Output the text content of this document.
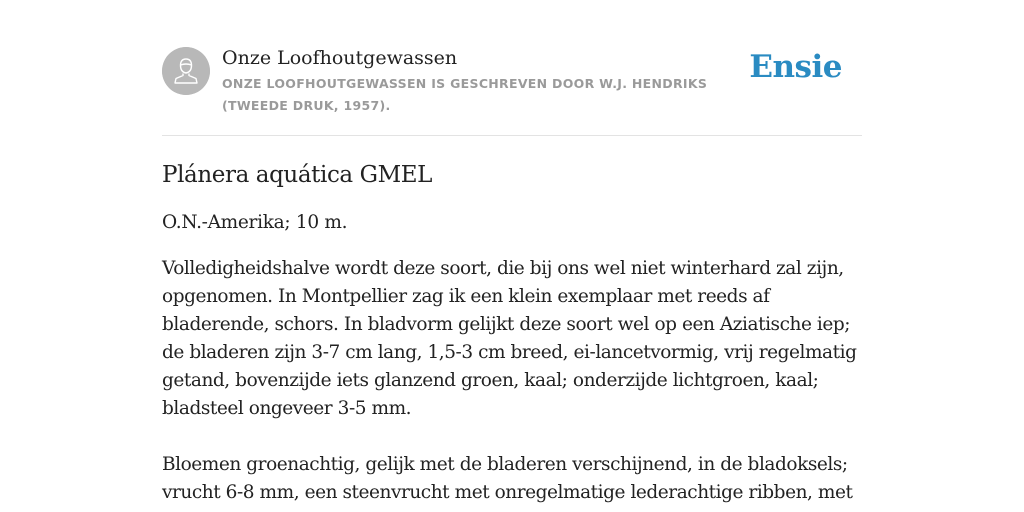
Onze Loofhoutgewassen
ONZE LOOFHOUTGEWASSEN IS GESCHREVEN DOOR W.J. HENDRIKS (TWEEDE DRUK, 1957).
Ensie
Plánera aquática GMEL

O.N.-Amerika; 10 m.

Volledigheidshalve wordt deze soort, die bij ons wel niet winterhard zal zijn, opgenomen. In Montpellier zag ik een klein exemplaar met reeds af bladerende, schors. In bladvorm gelijkt deze soort wel op een Aziatische iep; de bladeren zijn 3-7 cm lang, 1,5-3 cm breed, ei-lancetvormig, vrij regelmatig getand, bovenzijde iets glanzend groen, kaal; onderzijde lichtgroen, kaal; bladsteel ongeveer 3-5 mm.

Bloemen groenachtig, gelijk met de bladeren verschijnend, in de bladoksels; vrucht 6-8 mm, een steenvrucht met onregelmatige lederachtige ribben, met
